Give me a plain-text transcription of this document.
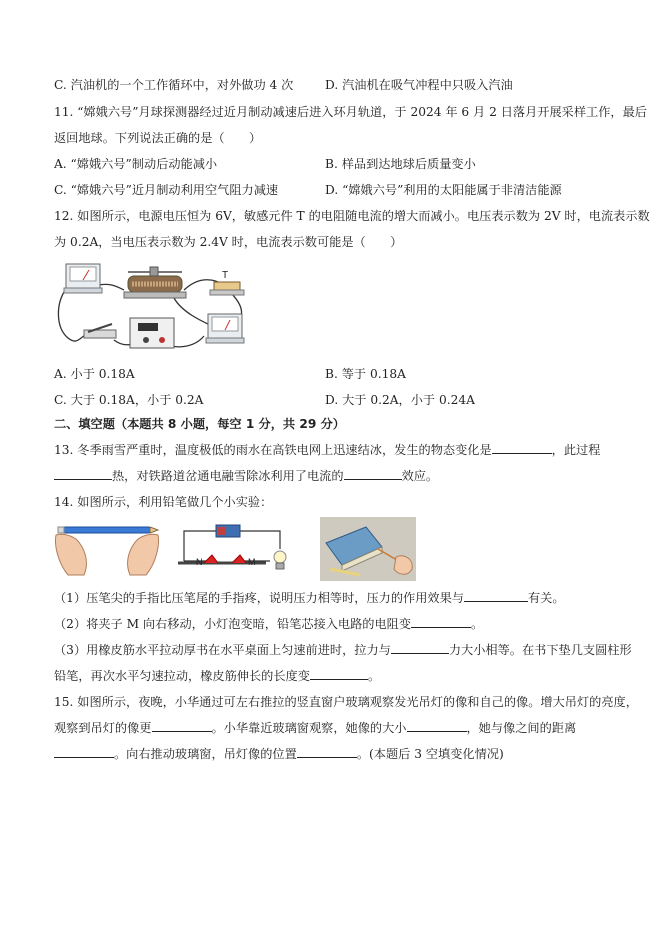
C. 汽油机的一个工作循环中，对外做功 4 次	D. 汽油机在吸气冲程中只吸入汽油
11. “嫦娥六号”月球探测器经过近月制动减速后进入环月轨道，于 2024 年 6 月 2 日落月开展采样工作，最后
返回地球。下列说法正确的是（　　）
A. “嫦娥六号”制动后动能减小	B. 样品到达地球后质量变小
C. “嫦娥六号”近月制动利用空气阻力减速	D. “嫦娥六号”利用的太阳能属于非清洁能源
12. 如图所示，电源电压恒为 6V，敏感元件 T 的电阻随电流的增大而减小。电压表示数为 2V 时，电流表示数
为 0.2A，当电压表示数为 2.4V 时，电流表示数可能是（　　）
T
A. 小于 0.18A	B. 等于 0.18A
C. 大于 0.18A，小于 0.2A	D. 大于 0.2A，小于 0.24A
二、填空题（本题共 8 小题，每空 1 分，共 29 分）
13. 冬季雨雪严重时，温度极低的雨水在高铁电网上迅速结冰，发生的物态变化是	，此过程
热，对铁路道岔通电融雪除冰利用了电流的	效应。
14. 如图所示，利用铅笔做几个小实验：
N	M
（1）压笔尖的手指比压笔尾的手指疼，说明压力相等时，压力的作用效果与	有关。
（2）将夹子 M 向右移动，小灯泡变暗，铅笔芯接入电路的电阻变	。
（3）用橡皮筋水平拉动厚书在水平桌面上匀速前进时，拉力与	力大小相等。在书下垫几支圆柱形
铅笔，再次水平匀速拉动，橡皮筋伸长的长度变	。
15. 如图所示，夜晚，小华通过可左右推拉的竖直窗户玻璃观察发光吊灯的像和自己的像。增大吊灯的亮度，
观察到吊灯的像更	。小华靠近玻璃窗观察，她像的大小	，她与像之间的距离
。向右推动玻璃窗，吊灯像的位置	。(本题后 3 空填变化情况)
